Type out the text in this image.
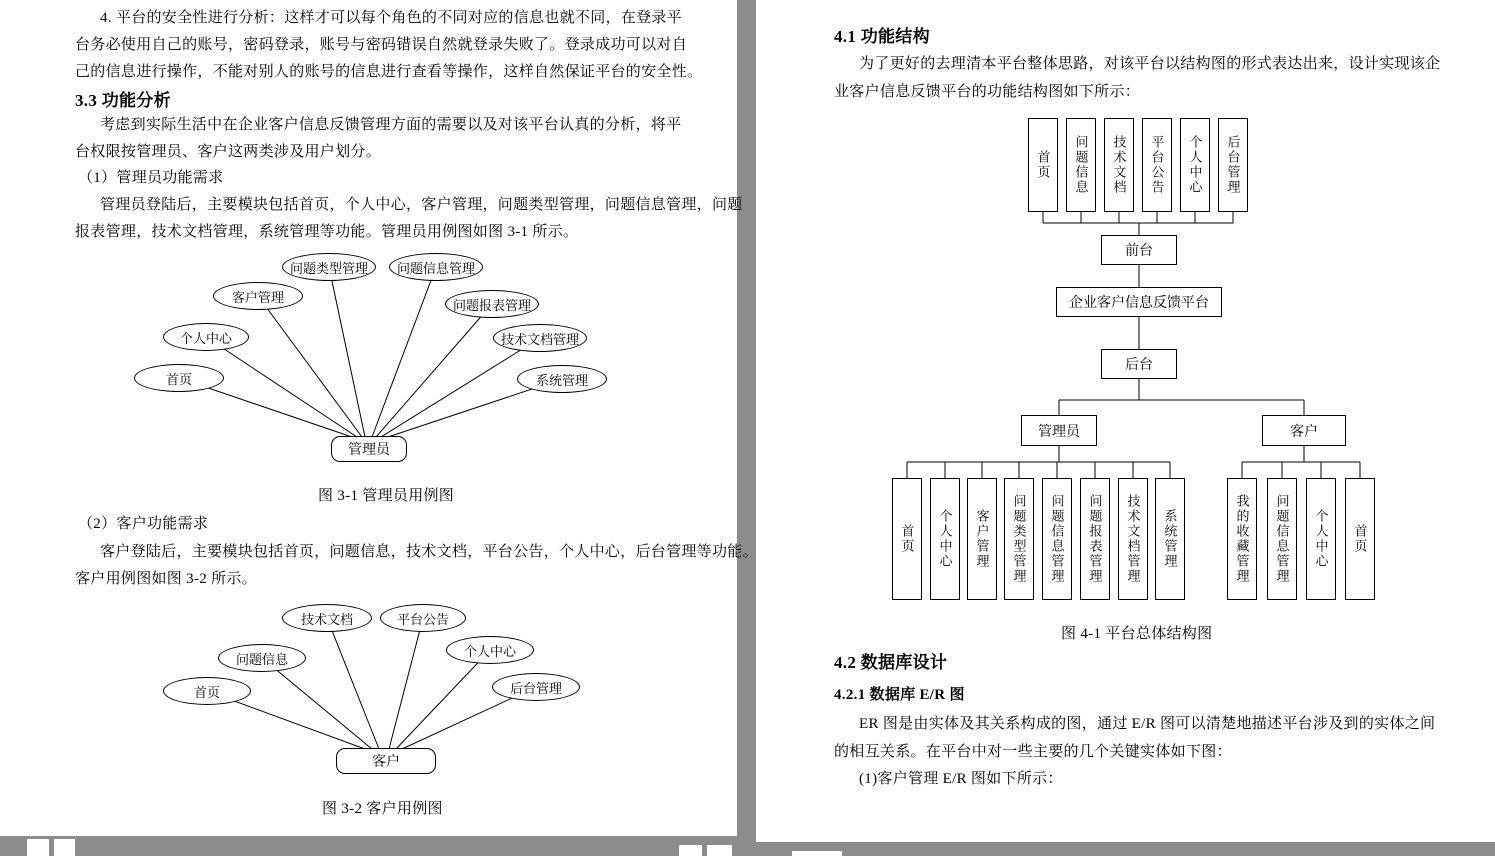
4. 平台的安全性进行分析：这样才可以每个角色的不同对应的信息也就不同，在登录平
台务必使用自己的账号，密码登录，账号与密码错误自然就登录失败了。登录成功可以对自
己的信息进行操作，不能对别人的账号的信息进行查看等操作，这样自然保证平台的安全性。
3.3 功能分析
考虑到实际生活中在企业客户信息反馈管理方面的需要以及对该平台认真的分析，将平
台权限按管理员、客户这两类涉及用户划分。
（1）管理员功能需求
管理员登陆后，主要模块包括首页，个人中心，客户管理，问题类型管理，问题信息管理，问题
报表管理，技术文档管理，系统管理等功能。管理员用例图如图 3-1 所示。
问题类型管理	问题信息管理
客户管理
问题报表管理
个人中心	技术文档管理
首页	系统管理
管理员
图 3-1 管理员用例图
（2）客户功能需求
客户登陆后，主要模块包括首页，问题信息，技术文档，平台公告，个人中心，后台管理等功能。
客户用例图如图 3-2 所示。
技术文档	平台公告
问题信息
个人中心
首页	后台管理
客户
图 3-2 客户用例图
4.1 功能结构
为了更好的去理清本平台整体思路，对该平台以结构图的形式表达出来，设计实现该企
业客户信息反馈平台的功能结构图如下所示：
首页	问题信息	技术文档	平台公告	个人中心	后台管理
前台
企业客户信息反馈平台
后台
管理员	客户
首页	个人中心	客户管理	问题类型管理	问题信息管理	问题报表管理	技术文档管理	系统管理	我的收藏管理	问题信息管理	个人中心	首页
图 4-1 平台总体结构图
4.2 数据库设计
4.2.1 数据库 E/R 图
ER 图是由实体及其关系构成的图，通过 E/R 图可以清楚地描述平台涉及到的实体之间
的相互关系。在平台中对一些主要的几个关键实体如下图：
(1)客户管理 E/R 图如下所示：
